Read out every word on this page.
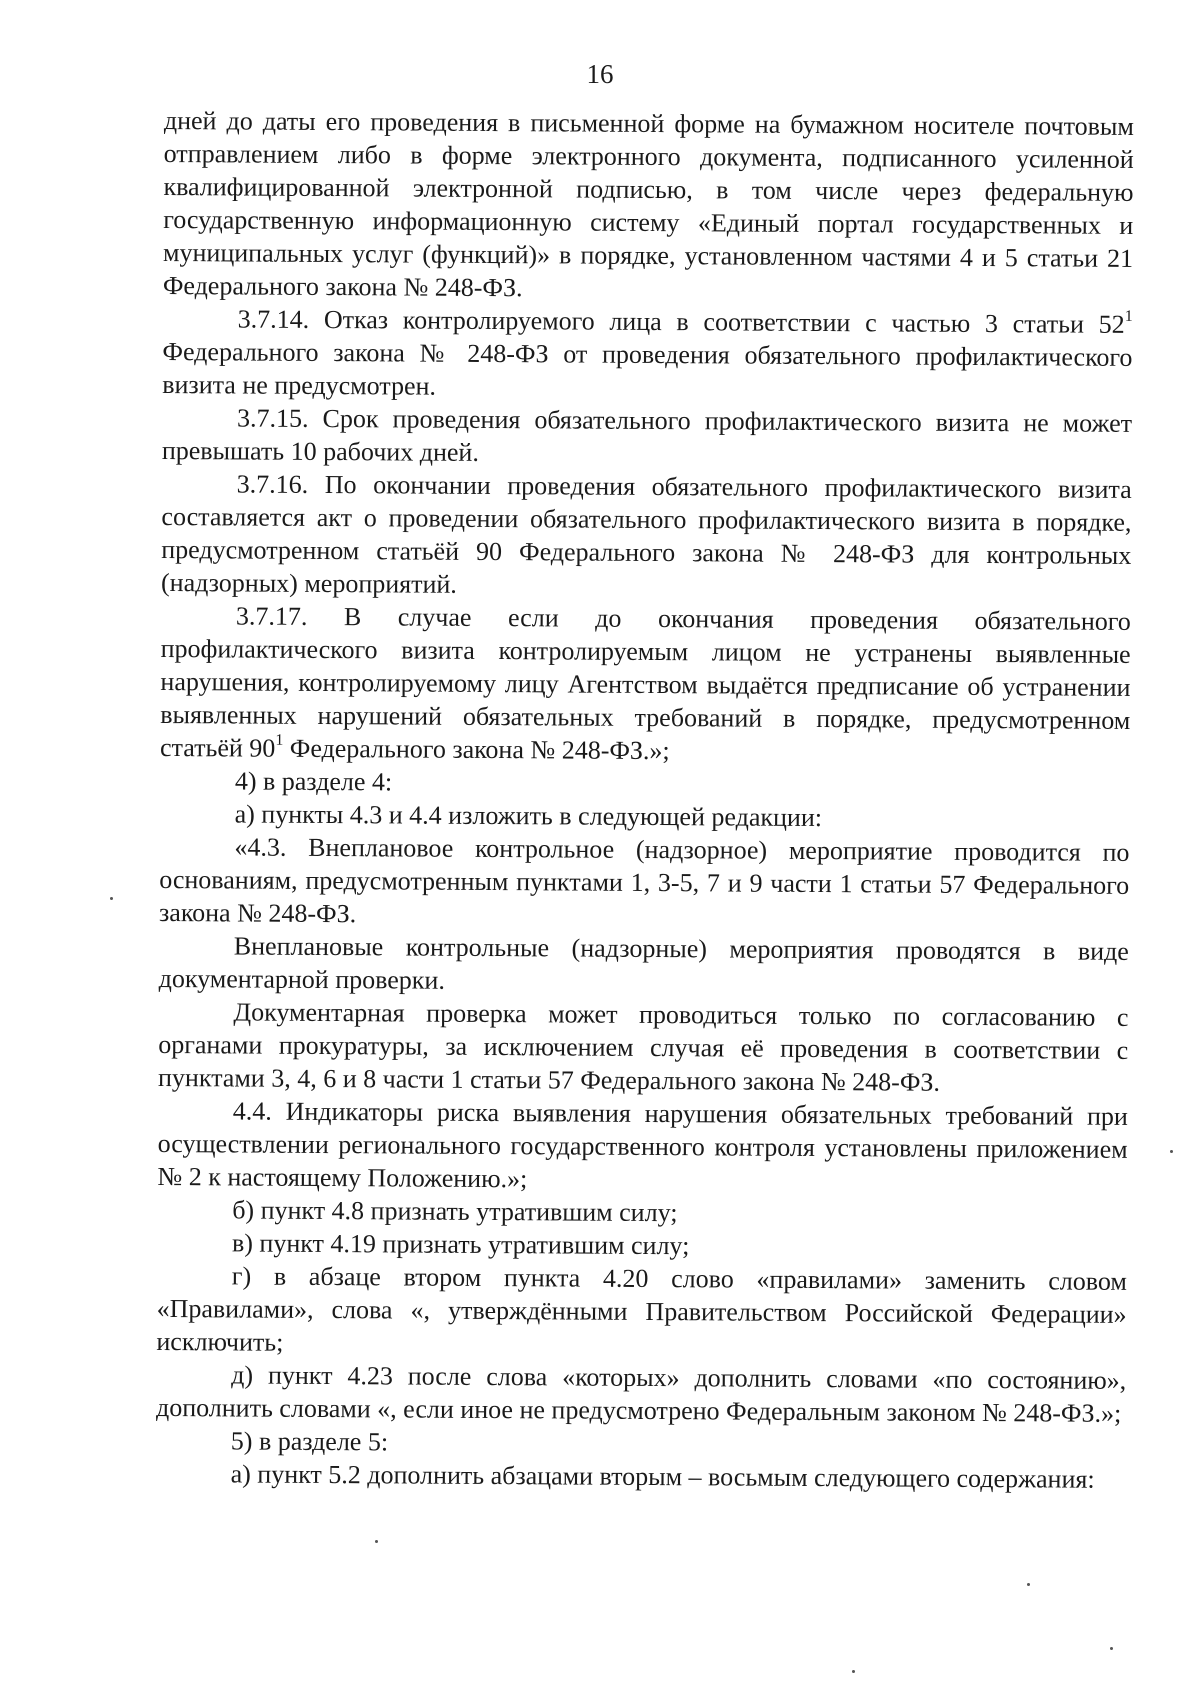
16

дней до даты его проведения в письменной форме на бумажном носителе почтовым отправлением либо в форме электронного документа, подписанного усиленной квалифицированной электронной подписью, в том числе через федеральную государственную информационную систему «Единый портал государственных и муниципальных услуг (функций)» в порядке, установленном частями 4 и 5 статьи 21 Федерального закона № 248-ФЗ.

3.7.14. Отказ контролируемого лица в соответствии с частью 3 статьи $52^1$ Федерального закона № 248-ФЗ от проведения обязательного профилактического визита не предусмотрен.

3.7.15. Срок проведения обязательного профилактического визита не может превышать 10 рабочих дней.

3.7.16. По окончании проведения обязательного профилактического визита составляется акт о проведении обязательного профилактического визита в порядке, предусмотренном статьёй 90 Федерального закона № 248-ФЗ для контрольных (надзорных) мероприятий.

3.7.17. В случае если до окончания проведения обязательного профилактического визита контролируемым лицом не устранены выявленные нарушения, контролируемому лицу Агентством выдаётся предписание об устранении выявленных нарушений обязательных требований в порядке, предусмотренном статьёй $90^1$ Федерального закона № 248-ФЗ.»;

4) в разделе 4:

а) пункты 4.3 и 4.4 изложить в следующей редакции:

«4.3. Внеплановое контрольное (надзорное) мероприятие проводится по основаниям, предусмотренным пунктами 1, 3-5, 7 и 9 части 1 статьи 57 Федерального закона № 248-ФЗ.

Внеплановые контрольные (надзорные) мероприятия проводятся в виде документарной проверки.

Документарная проверка может проводиться только по согласованию с органами прокуратуры, за исключением случая её проведения в соответствии с пунктами 3, 4, 6 и 8 части 1 статьи 57 Федерального закона № 248-ФЗ.

4.4. Индикаторы риска выявления нарушения обязательных требований при осуществлении регионального государственного контроля установлены приложением № 2 к настоящему Положению.»;

б) пункт 4.8 признать утратившим силу;

в) пункт 4.19 признать утратившим силу;

г) в абзаце втором пункта 4.20 слово «правилами» заменить словом «Правилами», слова «, утверждёнными Правительством Российской Федерации» исключить;

д) пункт 4.23 после слова «которых» дополнить словами «по состоянию», дополнить словами «, если иное не предусмотрено Федеральным законом № 248-ФЗ.»;

5) в разделе 5:

а) пункт 5.2 дополнить абзацами вторым – восьмым следующего содержания:
